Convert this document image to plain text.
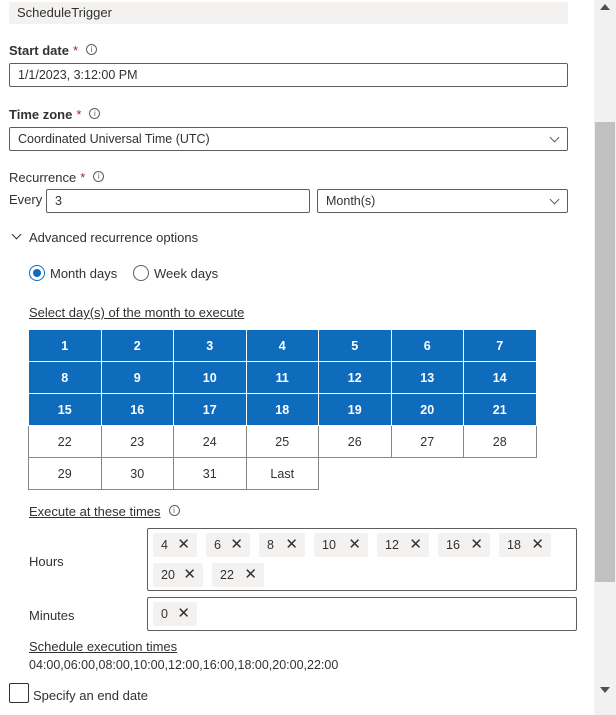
ScheduleTrigger
Start date * i
1/1/2023, 3:12:00 PM
Time zone * i
Coordinated Universal Time (UTC)
Recurrence * i
Every	3	Month(s)
Advanced recurrence options
Month days	Week days
Select day(s) of the month to execute
1	2	3	4	5	6	7
8	9	10	11	12	13	14
15	16	17	18	19	20	21
22	23	24	25	26	27	28
29	30	31	Last			
Execute at these times i
Hours
4 ✕	6 ✕	8 ✕	10 ✕	12 ✕	16 ✕	18 ✕
20 ✕	22 ✕
Minutes	0 ✕
Schedule execution times
04:00,06:00,08:00,10:00,12:00,16:00,18:00,20:00,22:00
Specify an end date
